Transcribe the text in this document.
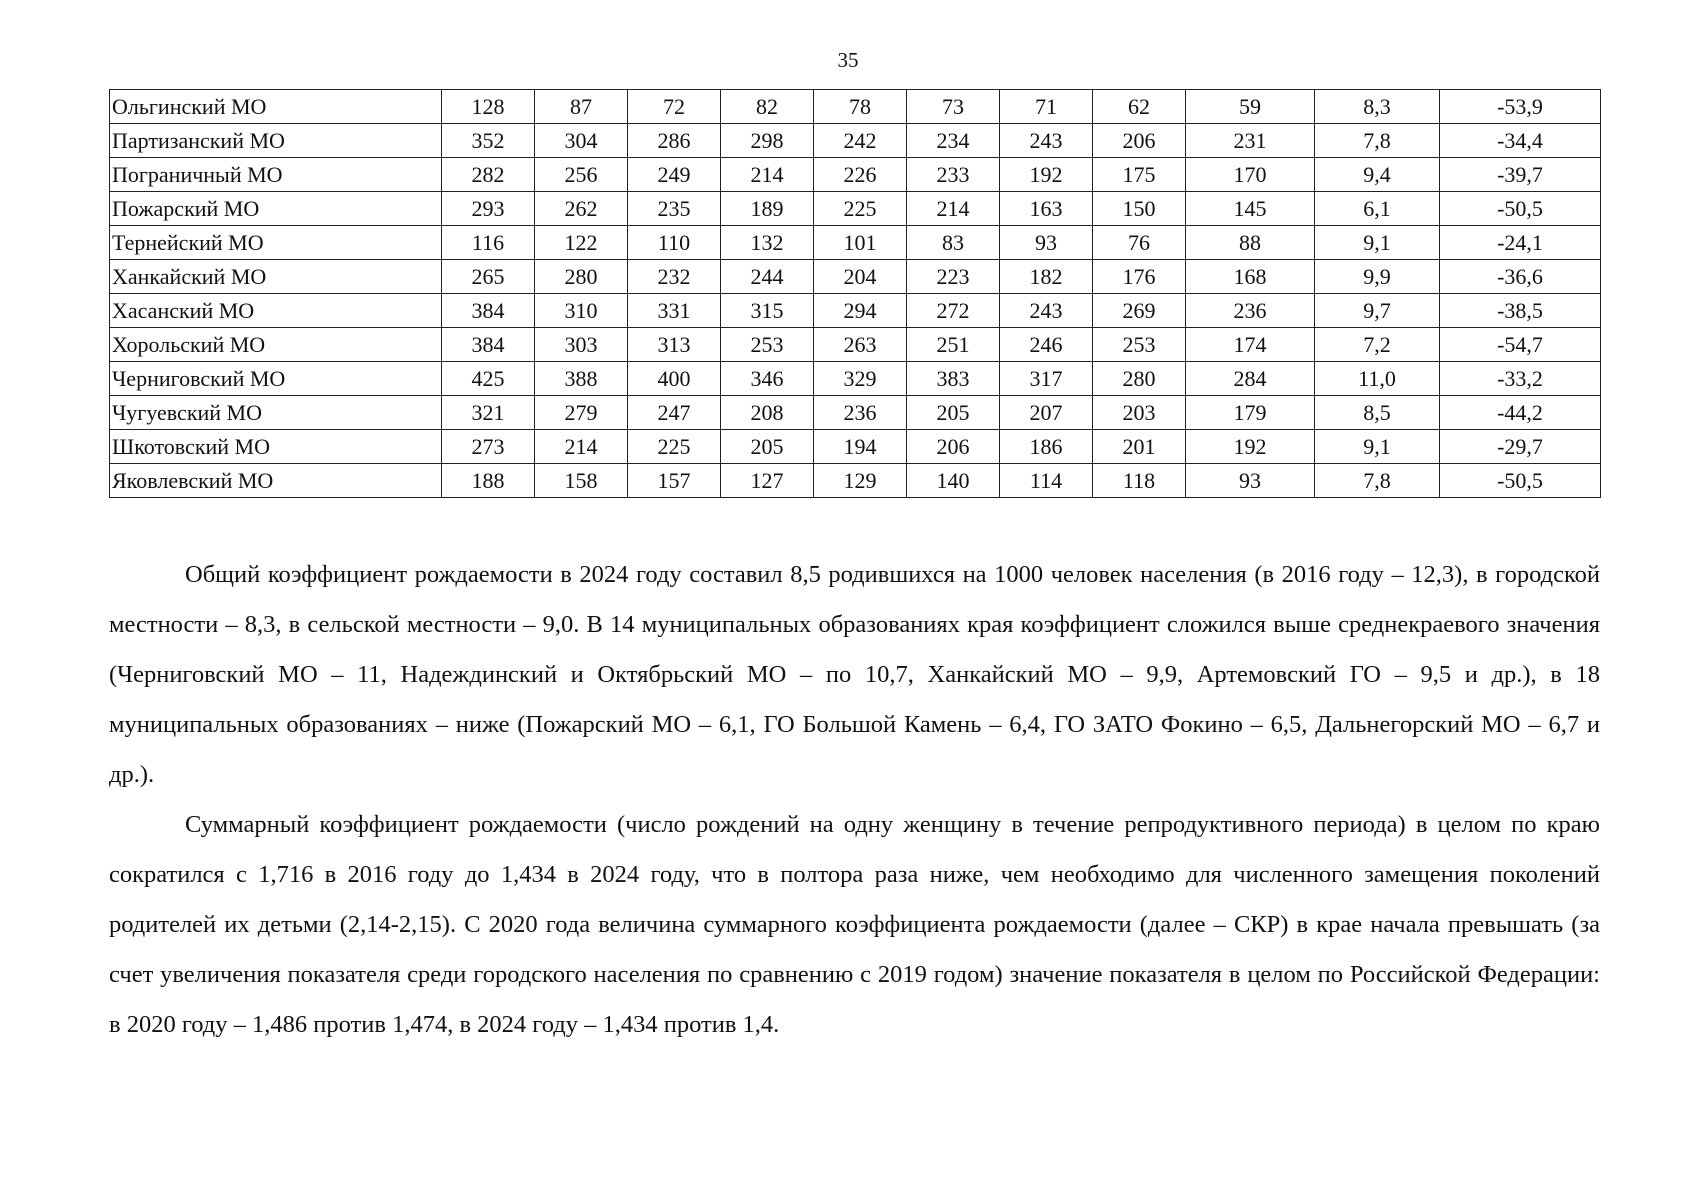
35
Ольгинский МО	128	87	72	82	78	73	71	62	59	8,3	-53,9
Партизанский МО	352	304	286	298	242	234	243	206	231	7,8	-34,4
Пограничный МО	282	256	249	214	226	233	192	175	170	9,4	-39,7
Пожарский МО	293	262	235	189	225	214	163	150	145	6,1	-50,5
Тернейский МО	116	122	110	132	101	83	93	76	88	9,1	-24,1
Ханкайский МО	265	280	232	244	204	223	182	176	168	9,9	-36,6
Хасанский МО	384	310	331	315	294	272	243	269	236	9,7	-38,5
Хорольский МО	384	303	313	253	263	251	246	253	174	7,2	-54,7
Черниговский МО	425	388	400	346	329	383	317	280	284	11,0	-33,2
Чугуевский МО	321	279	247	208	236	205	207	203	179	8,5	-44,2
Шкотовский МО	273	214	225	205	194	206	186	201	192	9,1	-29,7
Яковлевский МО	188	158	157	127	129	140	114	118	93	7,8	-50,5

Общий коэффициент рождаемости в 2024 году составил 8,5 родившихся на 1000 человек населения (в 2016 году – 12,3), в городской местности – 8,3, в сельской местности – 9,0. В 14 муниципальных образованиях края коэффициент сложился выше среднекраевого значения (Черниговский МО – 11, Надеждинский и Октябрьский МО – по 10,7, Ханкайский МО – 9,9, Артемовский ГО – 9,5 и др.), в 18 муниципальных образованиях – ниже (Пожарский МО – 6,1, ГО Большой Камень – 6,4, ГО ЗАТО Фокино – 6,5, Дальнегорский МО – 6,7 и др.).

Суммарный коэффициент рождаемости (число рождений на одну женщину в течение репродуктивного периода) в целом по краю сократился с 1,716 в 2016 году до 1,434 в 2024 году, что в полтора раза ниже, чем необходимо для численного замещения поколений родителей их детьми (2,14-2,15). С 2020 года величина суммарного коэффициента рождаемости (далее – СКР) в крае начала превышать (за счет увеличения показателя среди городского населения по сравнению с 2019 годом) значение показателя в целом по Российской Федерации: в 2020 году – 1,486 против 1,474, в 2024 году – 1,434 против 1,4.
